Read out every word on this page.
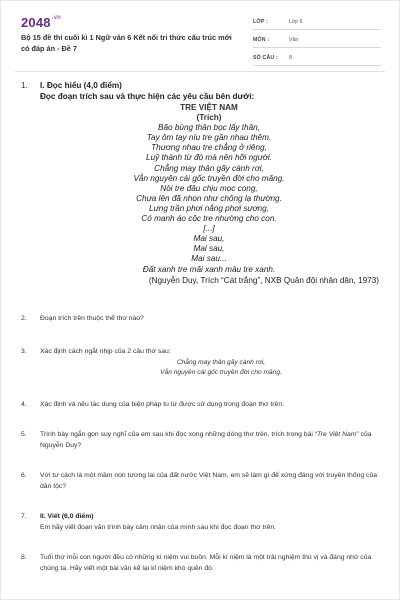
$2048^{.vn}$
Bộ 15 đề thi cuối kì 1 Ngữ văn 6 Kết nối tri thức cấu trúc mới có đáp án - Đề 7
LỚP :	Lớp 6
MÔN :	Văn
SỐ CÂU :	8
1.	I. Đọc hiểu (4,0 điểm)
Đọc đoạn trích sau và thực hiện các yêu cầu bên dưới:
TRE VIỆT NAM
(Trích)
Bão bùng thân bọc lấy thân,
Tay ôm tay níu tre gần nhau thêm.
Thương nhau tre chẳng ở riêng,
Luỹ thành từ đó mà nên hỡi người.
Chẳng may thân gãy cành rơi,
Vẫn nguyên cái gốc truyền đời cho măng.
Nòi tre đâu chịu mọc cong,
Chưa lên đã nhọn như chông lạ thường.
Lưng trần phơi nắng phơi sương,
Có manh áo cộc tre nhường cho con.
[...]
Mai sau,
Mai sau,
Mai sau...
Đất xanh tre mãi xanh màu tre xanh.
(Nguyễn Duy, Trích “Cát trắng”, NXB Quân đội nhân dân, 1973)
2.	Đoạn trích trên thuộc thể thơ nào?
3.	Xác định cách ngắt nhịp của 2 câu thơ sau:
Chẳng may thân gãy cành rơi,
Vẫn nguyên cái gốc truyền đời cho măng.
4.	Xác định và nêu tác dụng của biện pháp tu từ được sử dụng trong đoạn thơ trên.
5.	Trình bày ngắn gọn suy nghĩ của em sau khi đọc xong những dòng thơ trên, trích trong bài “Tre Việt Nam” của Nguyễn Duy?
6.	Với tư cách là một mầm non tương lai của đất nước Việt Nam, em sẽ làm gì để xứng đáng với truyền thống của dân tộc?
7.	II. Viết (6,0 điểm)
Em hãy viết đoạn văn trình bày cảm nhận của mình sau khi đọc đoạn thơ trên.
8.	Tuổi thơ mỗi con người đều có những kí niệm vui buồn. Mỗi kí niệm là một trải nghiệm thú vị và đáng nhớ của chúng ta. Hãy viết một bài văn kể lại kỉ niệm khó quên đó.
